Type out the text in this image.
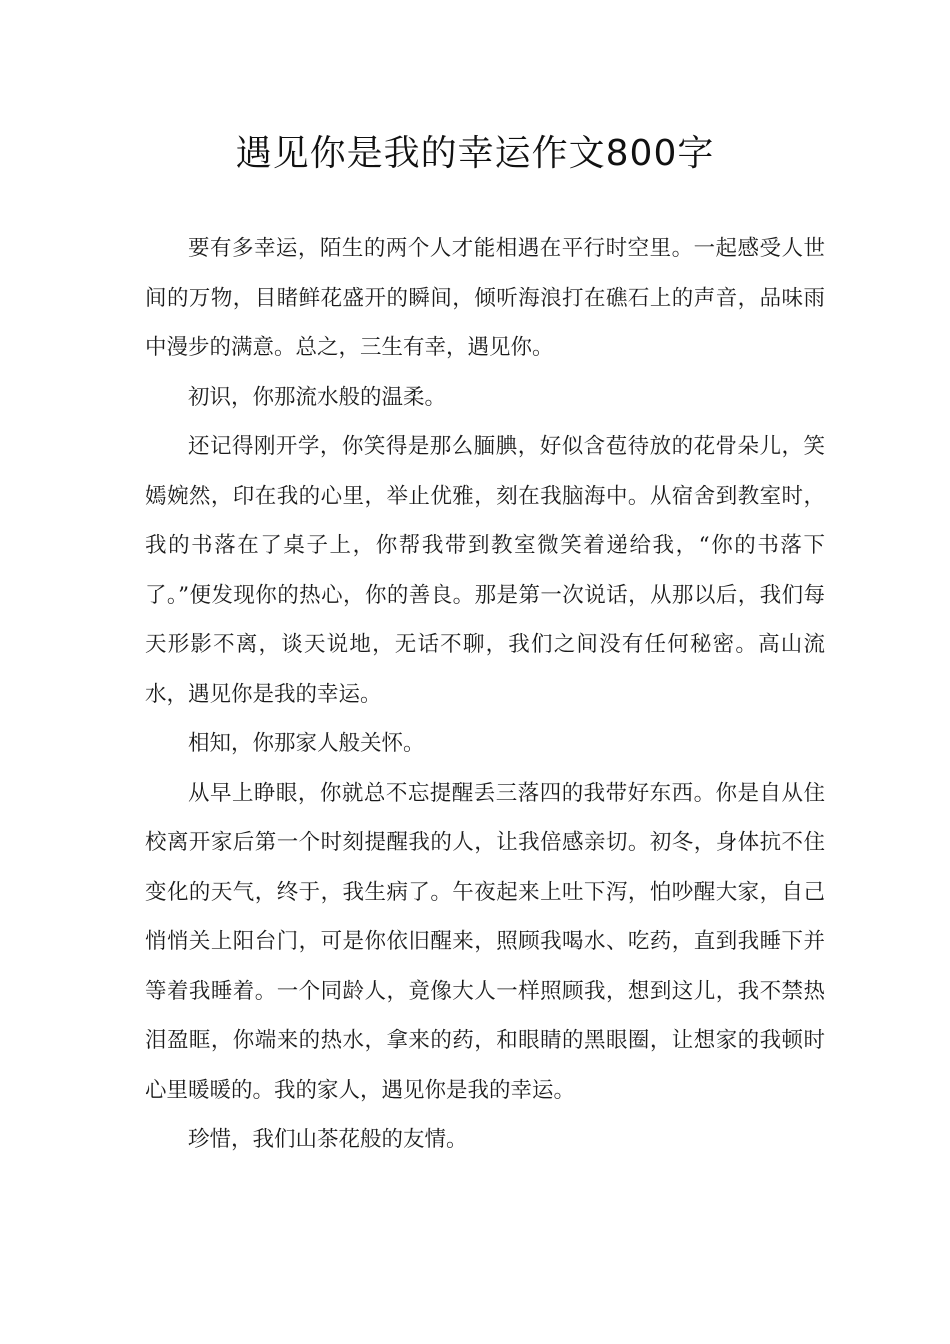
遇见你是我的幸运作文800字

要有多幸运，陌生的两个人才能相遇在平行时空里。一起感受人世间的万物，目睹鲜花盛开的瞬间，倾听海浪打在礁石上的声音，品味雨中漫步的满意。总之，三生有幸，遇见你。

初识，你那流水般的温柔。

还记得刚开学，你笑得是那么腼腆，好似含苞待放的花骨朵儿，笑嫣婉然，印在我的心里，举止优雅，刻在我脑海中。从宿舍到教室时，我的书落在了桌子上，你帮我带到教室微笑着递给我，“你的书落下了。”便发现你的热心，你的善良。那是第一次说话，从那以后，我们每天形影不离，谈天说地，无话不聊，我们之间没有任何秘密。高山流水，遇见你是我的幸运。

相知，你那家人般关怀。

从早上睁眼，你就总不忘提醒丢三落四的我带好东西。你是自从住校离开家后第一个时刻提醒我的人，让我倍感亲切。初冬，身体抗不住变化的天气，终于，我生病了。午夜起来上吐下泻，怕吵醒大家，自己悄悄关上阳台门，可是你依旧醒来，照顾我喝水、吃药，直到我睡下并等着我睡着。一个同龄人，竟像大人一样照顾我，想到这儿，我不禁热泪盈眶，你端来的热水，拿来的药，和眼睛的黑眼圈，让想家的我顿时心里暖暖的。我的家人，遇见你是我的幸运。

珍惜，我们山茶花般的友情。
